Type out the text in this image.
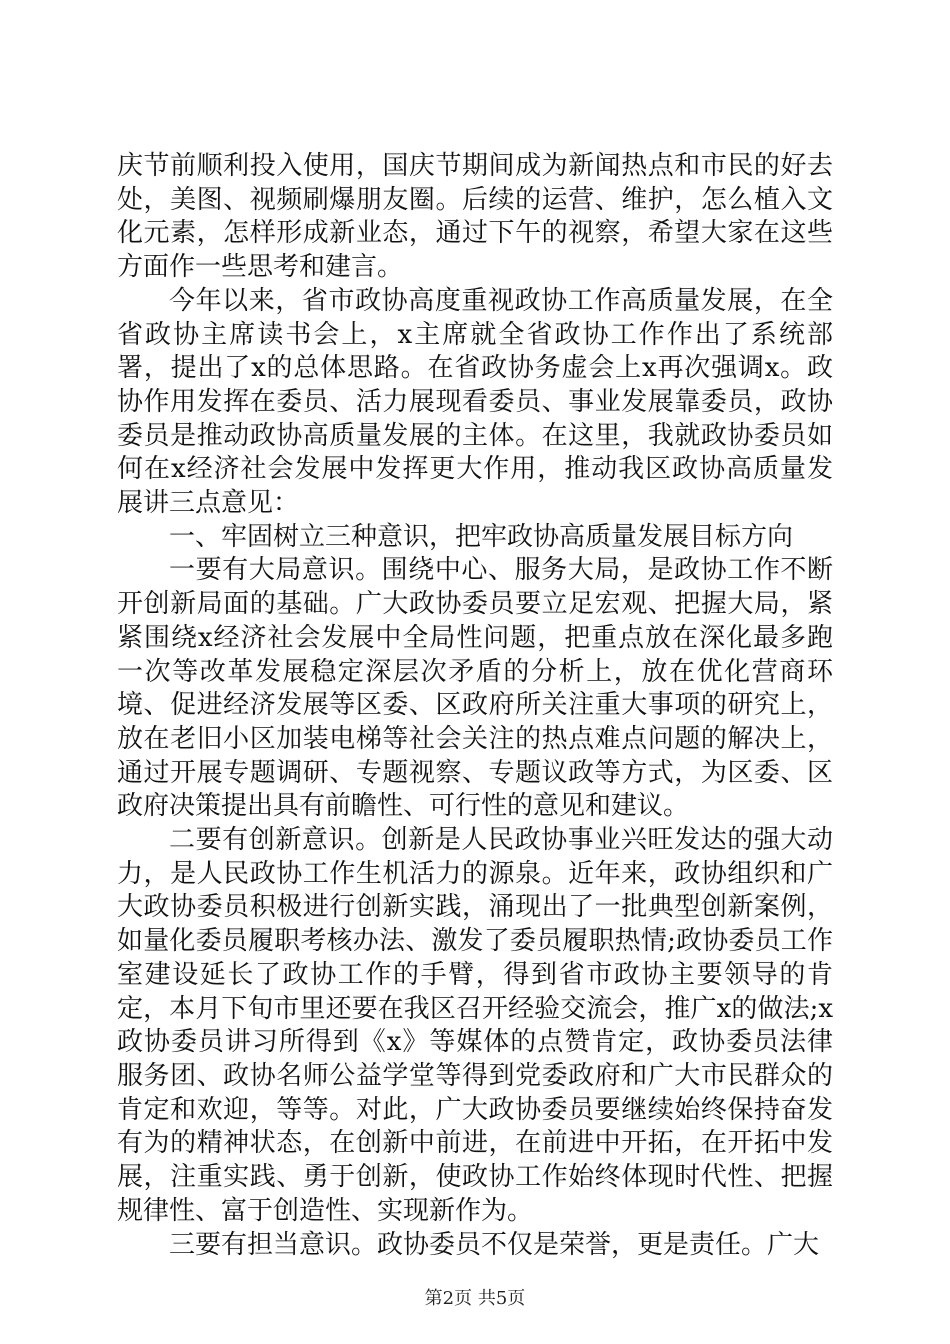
庆节前顺利投入使用，国庆节期间成为新闻热点和市民的好去处，美图、视频刷爆朋友圈。后续的运营、维护，怎么植入文化元素，怎样形成新业态，通过下午的视察，希望大家在这些方面作一些思考和建言。

今年以来，省市政协高度重视政协工作高质量发展，在全省政协主席读书会上，x主席就全省政协工作作出了系统部署，提出了x的总体思路。在省政协务虚会上x再次强调x。政协作用发挥在委员、活力展现看委员、事业发展靠委员，政协委员是推动政协高质量发展的主体。在这里，我就政协委员如何在x经济社会发展中发挥更大作用，推动我区政协高质量发展讲三点意见：

一、牢固树立三种意识，把牢政协高质量发展目标方向

一要有大局意识。围绕中心、服务大局，是政协工作不断开创新局面的基础。广大政协委员要立足宏观、把握大局，紧紧围绕x经济社会发展中全局性问题，把重点放在深化最多跑一次等改革发展稳定深层次矛盾的分析上，放在优化营商环境、促进经济发展等区委、区政府所关注重大事项的研究上，放在老旧小区加装电梯等社会关注的热点难点问题的解决上，通过开展专题调研、专题视察、专题议政等方式，为区委、区政府决策提出具有前瞻性、可行性的意见和建议。

二要有创新意识。创新是人民政协事业兴旺发达的强大动力，是人民政协工作生机活力的源泉。近年来，政协组织和广大政协委员积极进行创新实践，涌现出了一批典型创新案例，如量化委员履职考核办法、激发了委员履职热情;政协委员工作室建设延长了政协工作的手臂，得到省市政协主要领导的肯定，本月下旬市里还要在我区召开经验交流会，推广x的做法;x政协委员讲习所得到《x》等媒体的点赞肯定，政协委员法律服务团、政协名师公益学堂等得到党委政府和广大市民群众的肯定和欢迎，等等。对此，广大政协委员要继续始终保持奋发有为的精神状态，在创新中前进，在前进中开拓，在开拓中发展，注重实践、勇于创新，使政协工作始终体现时代性、把握规律性、富于创造性、实现新作为。

三要有担当意识。政协委员不仅是荣誉，更是责任。广大

第2页 共5页
